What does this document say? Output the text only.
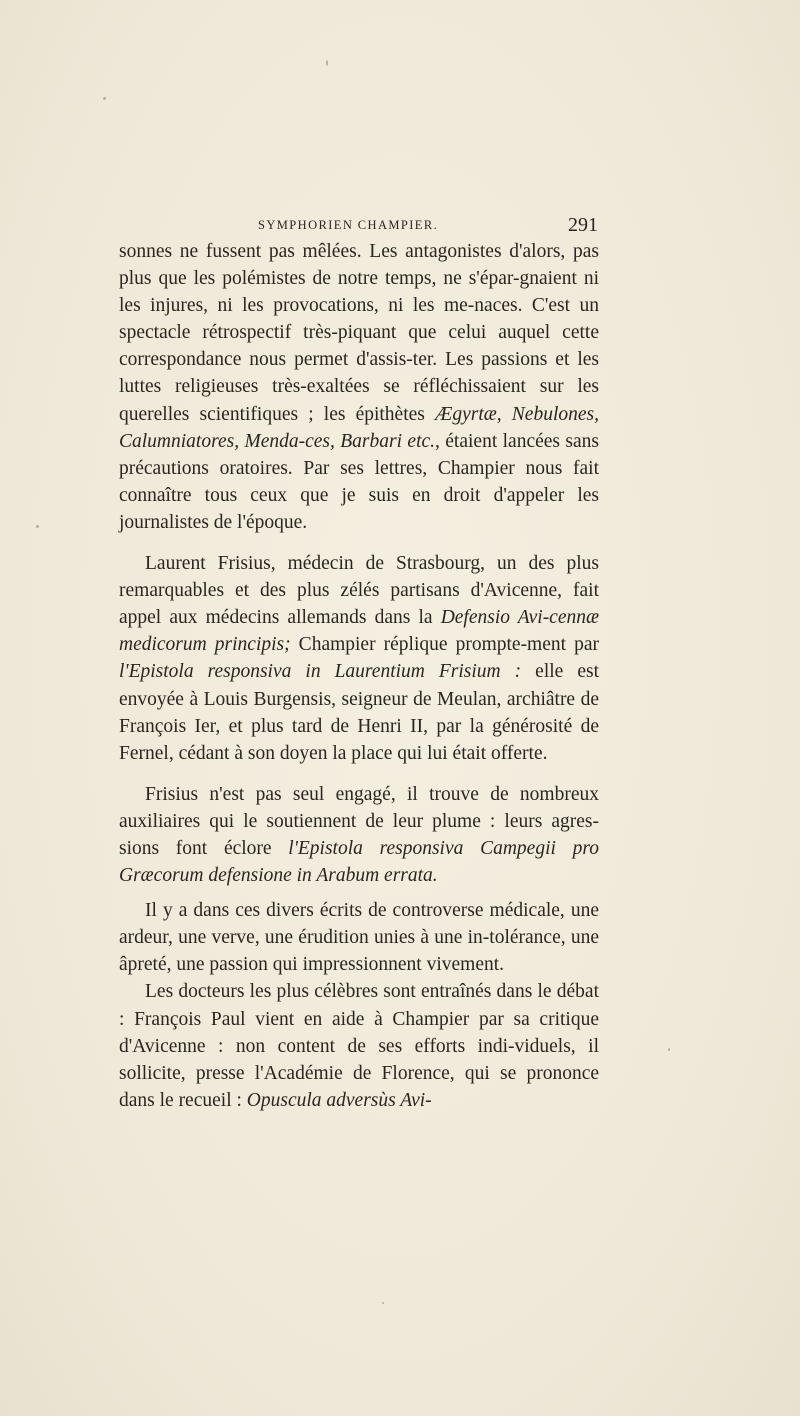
SYMPHORIEN CHAMPIER.	291

sonnes ne fussent pas mêlées. Les antagonistes d'alors, pas plus que les polémistes de notre temps, ne s'épar-gnaient ni les injures, ni les provocations, ni les me-naces. C'est un spectacle rétrospectif très-piquant que celui auquel cette correspondance nous permet d'assis-ter. Les passions et les luttes religieuses très-exaltées se réfléchissaient sur les querelles scientifiques ; les épithètes Ægyrtæ, Nebulones, Calumniatores, Menda-ces, Barbari etc., étaient lancées sans précautions oratoires. Par ses lettres, Champier nous fait connaître tous ceux que je suis en droit d'appeler les journalistes de l'époque.

Laurent Frisius, médecin de Strasbourg, un des plus remarquables et des plus zélés partisans d'Avicenne, fait appel aux médecins allemands dans la Defensio Avi-cennæ medicorum principis; Champier réplique prompte-ment par l'Epistola responsiva in Laurentium Frisium : elle est envoyée à Louis Burgensis, seigneur de Meulan, archiâtre de François Ier, et plus tard de Henri II, par la générosité de Fernel, cédant à son doyen la place qui lui était offerte.

Frisius n'est pas seul engagé, il trouve de nombreux auxiliaires qui le soutiennent de leur plume : leurs agres-sions font éclore l'Epistola responsiva Campegii pro Græcorum defensione in Arabum errata.

Il y a dans ces divers écrits de controverse médicale, une ardeur, une verve, une érudition unies à une in-tolérance, une âpreté, une passion qui impressionnent vivement.

Les docteurs les plus célèbres sont entraînés dans le débat : François Paul vient en aide à Champier par sa critique d'Avicenne : non content de ses efforts indi-viduels, il sollicite, presse l'Académie de Florence, qui se prononce dans le recueil : Opuscula adversùs Avi-
